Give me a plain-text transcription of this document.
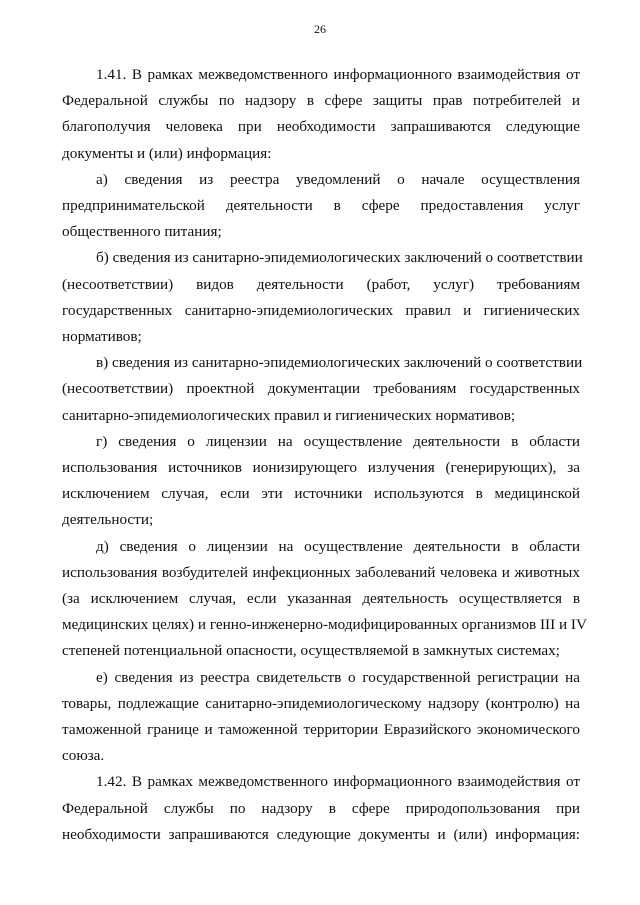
26
1.41. В рамках межведомственного информационного взаимодействия от
Федеральной службы по надзору в сфере защиты прав потребителей и
благополучия человека при необходимости запрашиваются следующие
документы и (или) информация:
а) сведения из реестра уведомлений о начале осуществления
предпринимательской деятельности в сфере предоставления услуг
общественного питания;
б) сведения из санитарно-эпидемиологических заключений о соответствии
(несоответствии) видов деятельности (работ, услуг) требованиям
государственных санитарно-эпидемиологических правил и гигиенических
нормативов;
в) сведения из санитарно-эпидемиологических заключений о соответствии
(несоответствии) проектной документации требованиям государственных
санитарно-эпидемиологических правил и гигиенических нормативов;
г) сведения о лицензии на осуществление деятельности в области
использования источников ионизирующего излучения (генерирующих), за
исключением случая, если эти источники используются в медицинской
деятельности;
д) сведения о лицензии на осуществление деятельности в области
использования возбудителей инфекционных заболеваний человека и животных
(за исключением случая, если указанная деятельность осуществляется в
медицинских целях) и генно-инженерно-модифицированных организмов III и IV
степеней потенциальной опасности, осуществляемой в замкнутых системах;
е) сведения из реестра свидетельств о государственной регистрации на
товары, подлежащие санитарно-эпидемиологическому надзору (контролю) на
таможенной границе и таможенной территории Евразийского экономического
союза.
1.42. В рамках межведомственного информационного взаимодействия от
Федеральной службы по надзору в сфере природопользования при
необходимости запрашиваются следующие документы и (или) информация:
